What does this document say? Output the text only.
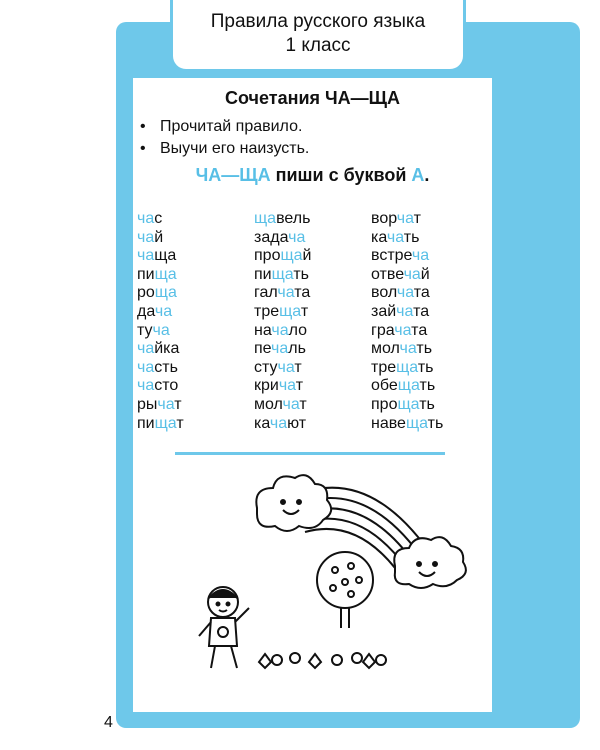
Правила русского языка
1 класс
Сочетания ЧА—ЩА
• Прочитай правило.
• Выучи его наизусть.
ЧА—ЩА пиши с буквой А.
час
чай
чаща
пища
роща
дача
туча
чайка
часть
часто
рычат
пищат
щавель
задача
прощай
пищать
галчата
трещат
начало
печаль
стучат
кричат
молчат
качают
ворчат
качать
встреча
отвечай
волчата
зайчата
грачата
молчать
трещать
обещать
прощать
навещать
4
